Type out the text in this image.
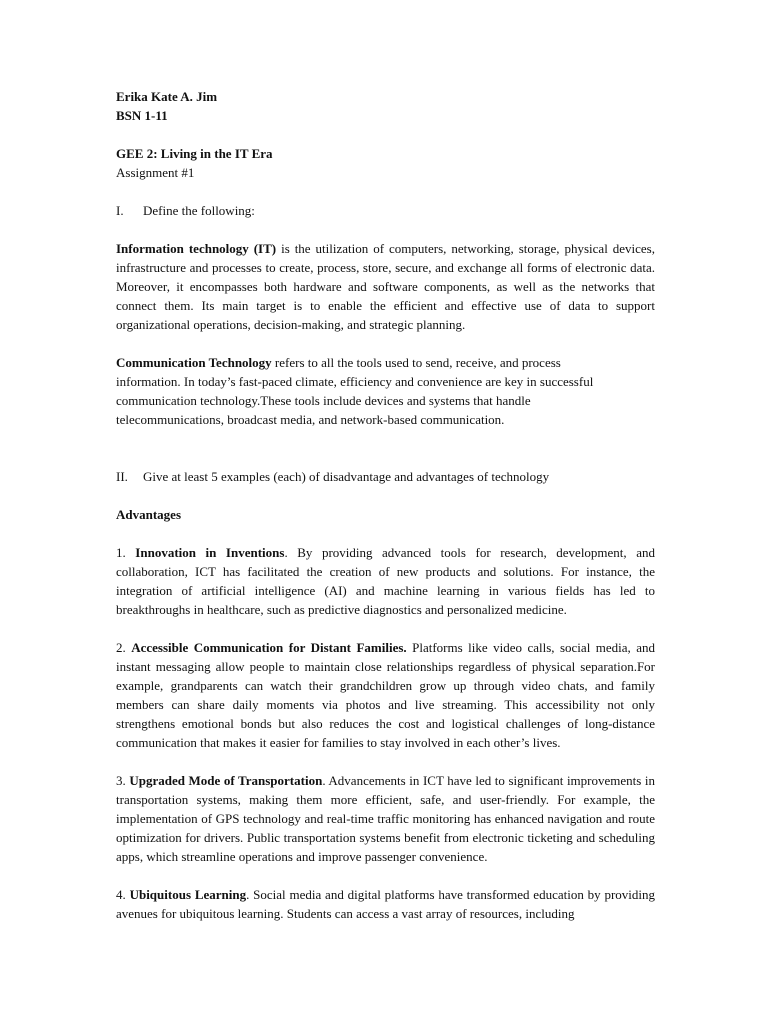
Erika Kate A. Jim

BSN 1-11

GEE 2: Living in the IT Era

Assignment #1

I.	Define the following:

Information technology (IT) is the utilization of computers, networking, storage, physical devices, infrastructure and processes to create, process, store, secure, and exchange all forms of electronic data. Moreover, it encompasses both hardware and software components, as well as the networks that connect them. Its main target is to enable the efficient and effective use of data to support organizational operations, decision-making, and strategic planning.

Communication Technology refers to all the tools used to send, receive, and process

information. In today’s fast-paced climate, efficiency and convenience are key in successful

communication technology.These tools include devices and systems that handle

telecommunications, broadcast media, and network-based communication.

II.	Give at least 5 examples (each) of disadvantage and advantages of technology

Advantages

1. Innovation in Inventions. By providing advanced tools for research, development, and collaboration, ICT has facilitated the creation of new products and solutions. For instance, the integration of artificial intelligence (AI) and machine learning in various fields has led to breakthroughs in healthcare, such as predictive diagnostics and personalized medicine.

2. Accessible Communication for Distant Families. Platforms like video calls, social media, and instant messaging allow people to maintain close relationships regardless of physical separation.For example, grandparents can watch their grandchildren grow up through video chats, and family members can share daily moments via photos and live streaming. This accessibility not only strengthens emotional bonds but also reduces the cost and logistical challenges of long-distance communication that makes it easier for families to stay involved in each other’s lives.

3. Upgraded Mode of Transportation. Advancements in ICT have led to significant improvements in transportation systems, making them more efficient, safe, and user-friendly. For example, the implementation of GPS technology and real-time traffic monitoring has enhanced navigation and route optimization for drivers. Public transportation systems benefit from electronic ticketing and scheduling apps, which streamline operations and improve passenger convenience.

4. Ubiquitous Learning. Social media and digital platforms have transformed education by providing avenues for ubiquitous learning. Students can access a vast array of resources, including
